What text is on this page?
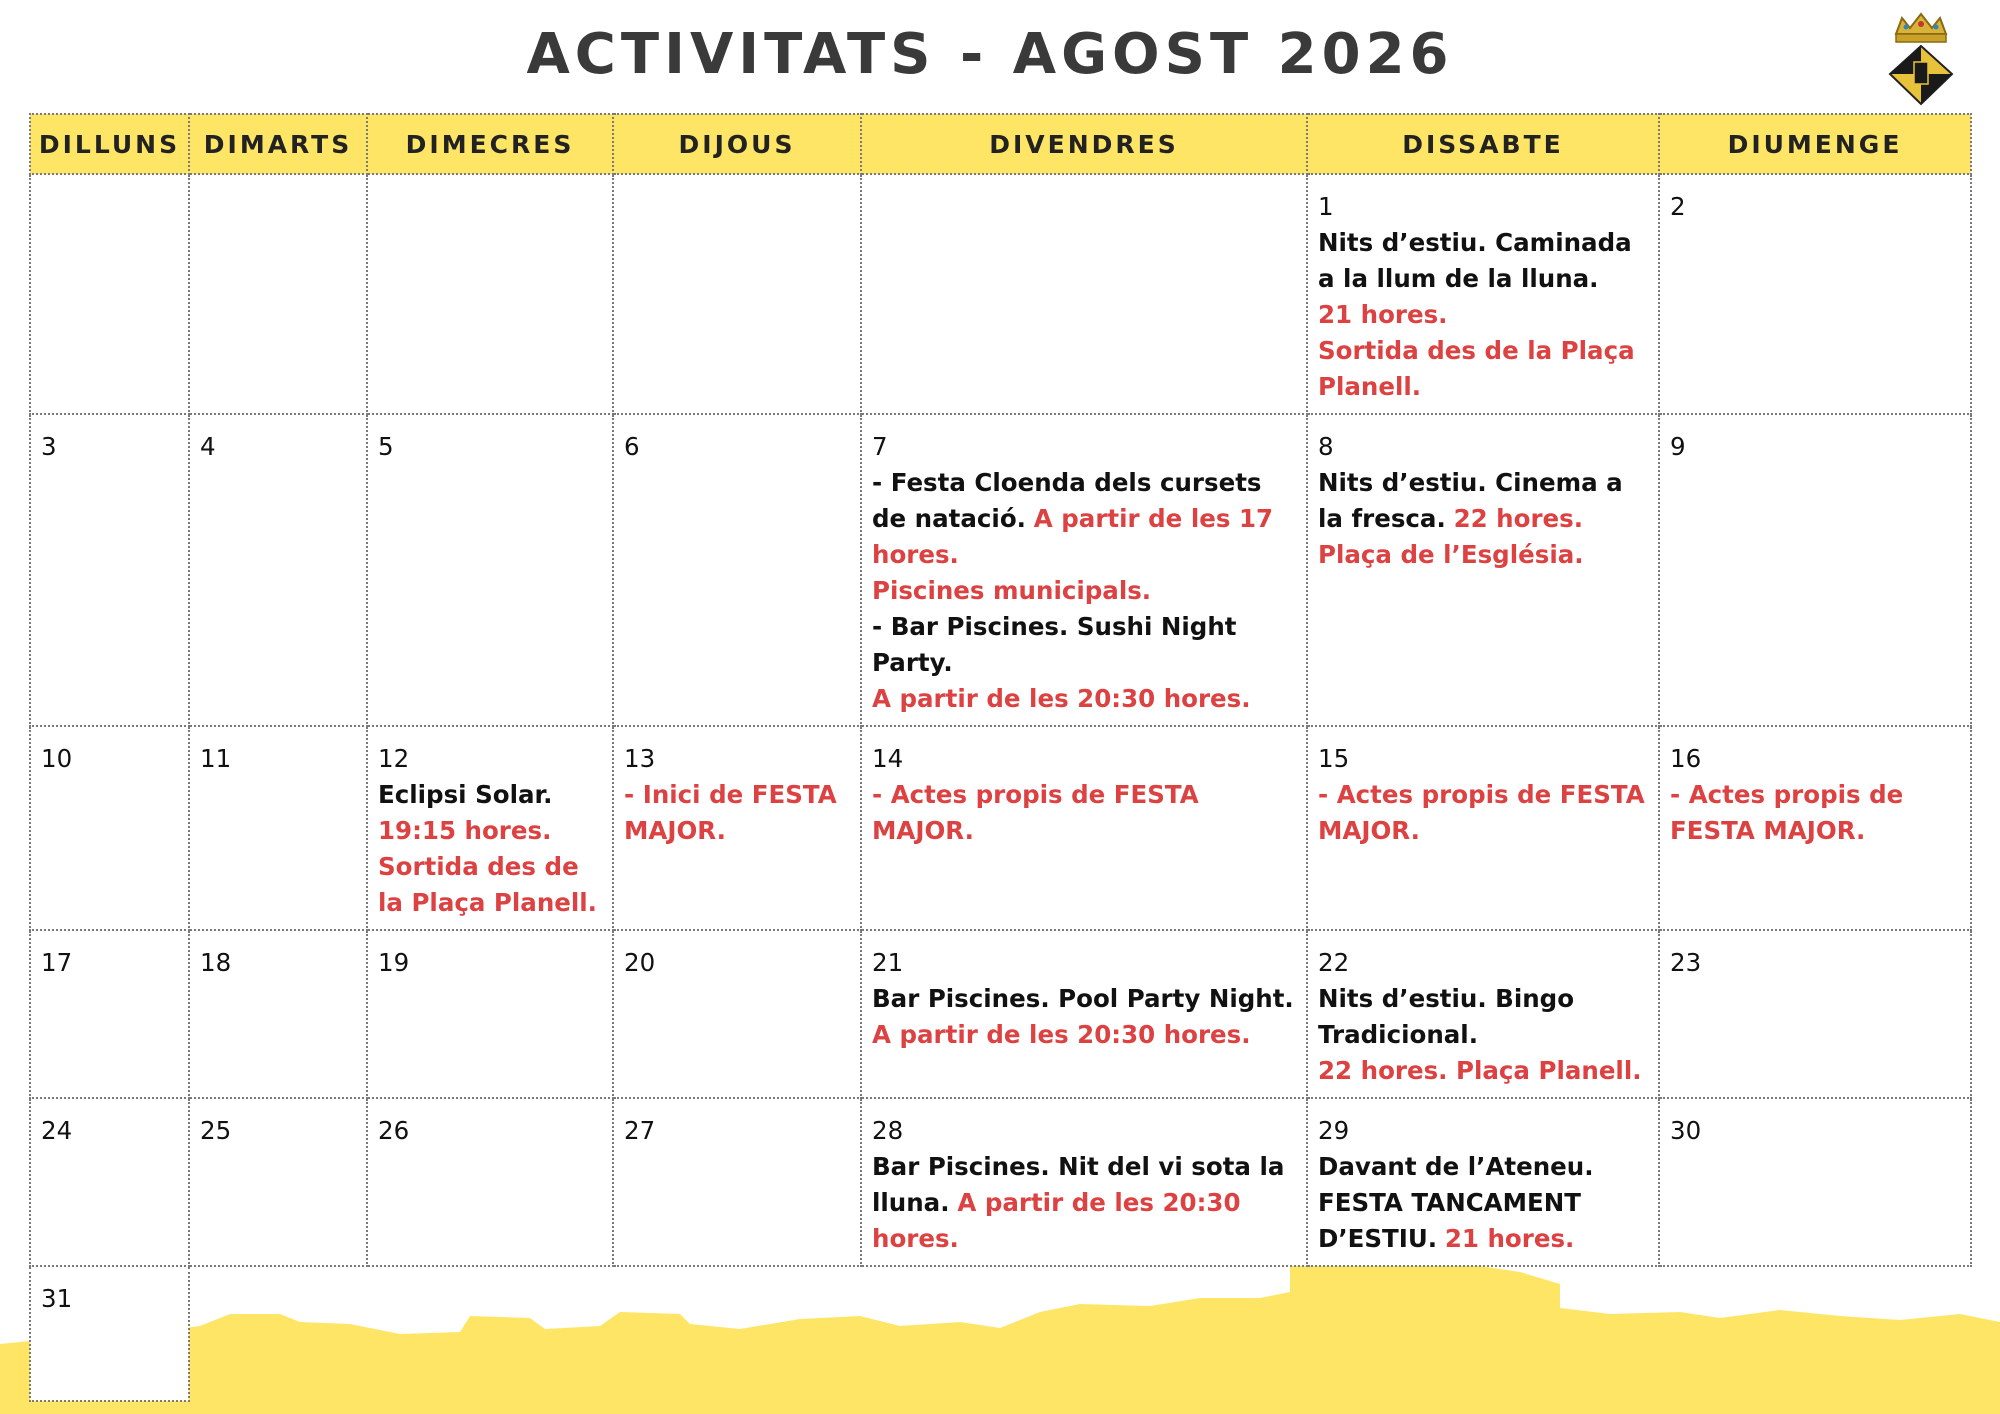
ACTIVITATS - AGOST 2026
DILLUNS	DIMARTS	DIMECRES	DIJOUS	DIVENDRES	DISSABTE	DIUMENGE

					1
Nits d’estiu. Caminada a la llum de la lluna.
21 hores.
Sortida des de la Plaça Planell.	2

3	4	5	6	7
- Festa Cloenda dels cursets de natació. A partir de les 17 hores.
Piscines municipals.
- Bar Piscines. Sushi Night Party.
A partir de les 20:30 hores.	8
Nits d’estiu. Cinema a la fresca. 22 hores.
Plaça de l’Església.	9

10	11	12
Eclipsi Solar.
19:15 hores.
Sortida des de la Plaça Planell.	13
- Inici de FESTA MAJOR.	14
- Actes propis de FESTA MAJOR.	15
- Actes propis de FESTA MAJOR.	16
- Actes propis de FESTA MAJOR.

17	18	19	20	21
Bar Piscines. Pool Party Night.
A partir de les 20:30 hores.	22
Nits d’estiu. Bingo Tradicional.
22 hores. Plaça Planell.	23

24	25	26	27	28
Bar Piscines. Nit del vi sota la lluna. A partir de les 20:30 hores.	29
Davant de l’Ateneu. FESTA TANCAMENT D’ESTIU. 21 hores.	30

31						
